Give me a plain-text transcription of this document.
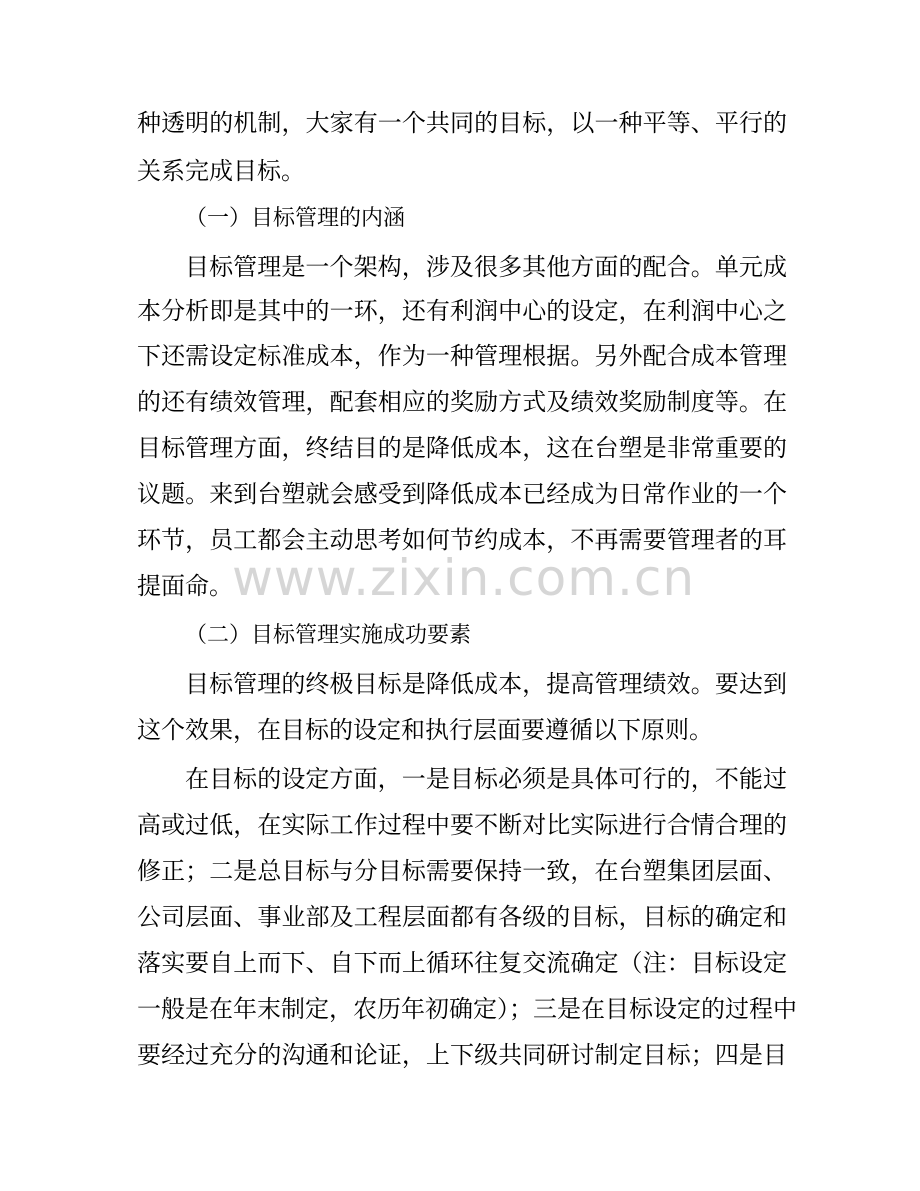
种透明的机制，大家有一个共同的目标，以一种平等、平行的
关系完成目标。
（一）目标管理的内涵
目标管理是一个架构，涉及很多其他方面的配合。单元成
本分析即是其中的一环，还有利润中心的设定，在利润中心之
下还需设定标准成本，作为一种管理根据。另外配合成本管理
的还有绩效管理，配套相应的奖励方式及绩效奖励制度等。在
目标管理方面，终结目的是降低成本，这在台塑是非常重要的
议题。来到台塑就会感受到降低成本已经成为日常作业的一个
环节，员工都会主动思考如何节约成本，不再需要管理者的耳
提面命。
（二）目标管理实施成功要素
目标管理的终极目标是降低成本，提高管理绩效。要达到
这个效果，在目标的设定和执行层面要遵循以下原则。
在目标的设定方面，一是目标必须是具体可行的，不能过
高或过低，在实际工作过程中要不断对比实际进行合情合理的
修正；二是总目标与分目标需要保持一致，在台塑集团层面、
公司层面、事业部及工程层面都有各级的目标，目标的确定和
落实要自上而下、自下而上循环往复交流确定（注：目标设定
一般是在年末制定，农历年初确定）；三是在目标设定的过程中
要经过充分的沟通和论证，上下级共同研讨制定目标；四是目
www.zixin.com.cn
